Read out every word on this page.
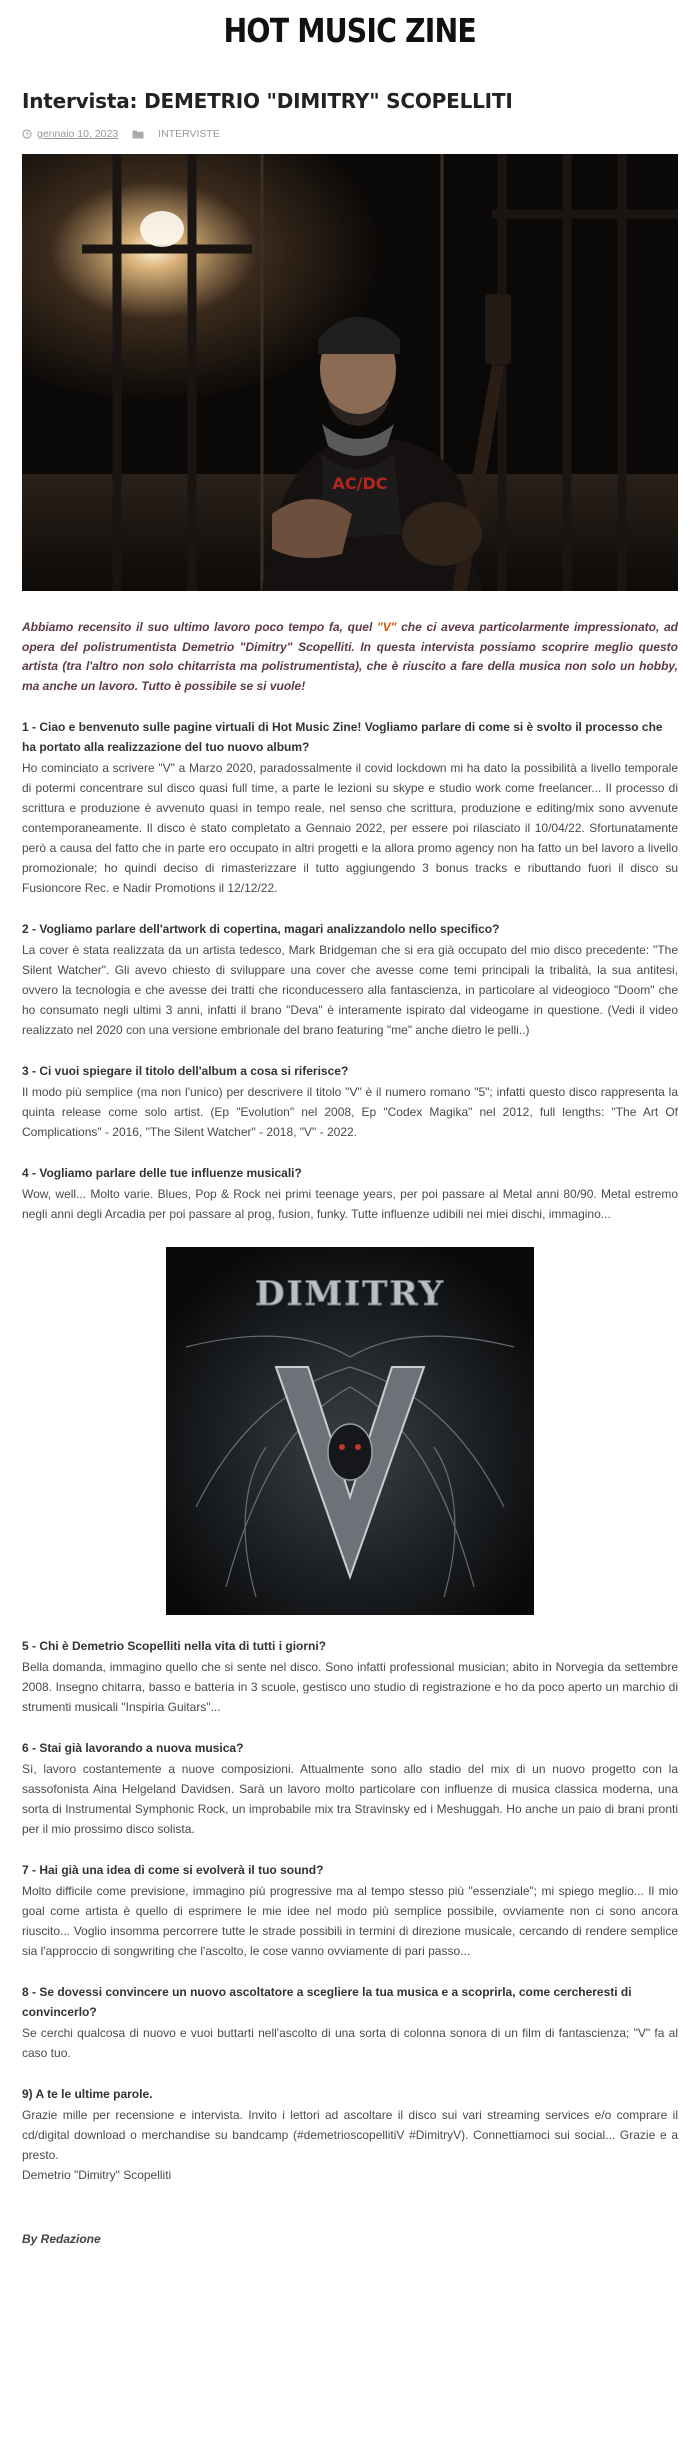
HOT MUSIC ZINE
Intervista: DEMETRIO "DIMITRY" SCOPELLITI
gennaio 10, 2023	INTERVISTE
AC/DC

Abbiamo recensito il suo ultimo lavoro poco tempo fa, quel "V" che ci aveva particolarmente impressionato, ad opera del polistrumentista Demetrio "Dimitry" Scopelliti. In questa intervista possiamo scoprire meglio questo artista (tra l'altro non solo chitarrista ma polistrumentista), che è riuscito a fare della musica non solo un hobby, ma anche un lavoro. Tutto è possibile se si vuole!

1 - Ciao e benvenuto sulle pagine virtuali di Hot Music Zine! Vogliamo parlare di come si è svolto il processo che ha portato alla realizzazione del tuo nuovo album?

Ho cominciato a scrivere "V" a Marzo 2020, paradossalmente il covid lockdown mi ha dato la possibilità a livello temporale di potermi concentrare sul disco quasi full time, a parte le lezioni su skype e studio work come freelancer... Il processo di scrittura e produzione è avvenuto quasi in tempo reale, nel senso che scrittura, produzione e editing/mix sono avvenute contemporaneamente. Il disco è stato completato a Gennaio 2022, per essere poi rilasciato il 10/04/22. Sfortunatamente però a causa del fatto che in parte ero occupato in altri progetti e la allora promo agency non ha fatto un bel lavoro a livello promozionale; ho quindi deciso di rimasterizzare il tutto aggiungendo 3 bonus tracks e ributtando fuori il disco su Fusioncore Rec. e Nadir Promotions il 12/12/22.

2 - Vogliamo parlare dell'artwork di copertina, magari analizzandolo nello specifico?

La cover è stata realizzata da un artista tedesco, Mark Bridgeman che si era già occupato del mio disco precedente: "The Silent Watcher". Gli avevo chiesto di sviluppare una cover che avesse come temi principali la tribalità, la sua antitesi, ovvero la tecnologia e che avesse dei tratti che riconducessero alla fantascienza, in particolare al videogioco "Doom" che ho consumato negli ultimi 3 anni, infatti il brano "Deva" è interamente ispirato dal videogame in questione. (Vedi il video realizzato nel 2020 con una versione embrionale del brano featuring "me" anche dietro le pelli..)

3 - Ci vuoi spiegare il titolo dell'album a cosa si riferisce?

Il modo più semplice (ma non l'unico) per descrivere il titolo "V" è il numero romano "5"; infatti questo disco rappresenta la quinta release come solo artist. (Ep "Evolution" nel 2008, Ep "Codex Magika" nel 2012, full lengths: "The Art Of Complications" - 2016, "The Silent Watcher" - 2018, "V" - 2022.

4 - Vogliamo parlare delle tue influenze musicali?

Wow, well... Molto varie. Blues, Pop & Rock nei primi teenage years, per poi passare al Metal anni 80/90. Metal estremo negli anni degli Arcadia per poi passare al prog, fusion, funky. Tutte influenze udibili nei miei dischi, immagino...

V
DIMITRY

5 - Chi è Demetrio Scopelliti nella vita di tutti i giorni?

Bella domanda, immagino quello che si sente nel disco. Sono infatti professional musician; abito in Norvegia da settembre 2008. Insegno chitarra, basso e batteria in 3 scuole, gestisco uno studio di registrazione e ho da poco aperto un marchio di strumenti musicali "Inspiria Guitars"...

6 - Stai già lavorando a nuova musica?

Sì, lavoro costantemente a nuove composizioni. Attualmente sono allo stadio del mix di un nuovo progetto con la sassofonista Aina Helgeland Davidsen. Sarà un lavoro molto particolare con influenze di musica classica moderna, una sorta di Instrumental Symphonic Rock, un improbabile mix tra Stravinsky ed i Meshuggah. Ho anche un paio di brani pronti per il mio prossimo disco solista.

7 - Hai già una idea di come si evolverà il tuo sound?

Molto difficile come previsione, immagino più progressive ma al tempo stesso più "essenziale"; mi spiego meglio... Il mio goal come artista è quello di esprimere le mie idee nel modo più semplice possibile, ovviamente non ci sono ancora riuscito... Voglio insomma percorrere tutte le strade possibili in termini di direzione musicale, cercando di rendere semplice sia l'approccio di songwriting che l'ascolto, le cose vanno ovviamente di pari passo...

8 - Se dovessi convincere un nuovo ascoltatore a scegliere la tua musica e a scoprirla, come cercheresti di convincerlo?

Se cerchi qualcosa di nuovo e vuoi buttarti nell'ascolto di una sorta di colonna sonora di un film di fantascienza; "V" fa al caso tuo.

9) A te le ultime parole.

Grazie mille per recensione e intervista. Invito i lettori ad ascoltare il disco sui vari streaming services e/o comprare il cd/digital download o merchandise su bandcamp (#demetrioscopellitiV #DimitryV). Connettiamoci sui social... Grazie e a presto.

Demetrio "Dimitry" Scopelliti

By Redazione
